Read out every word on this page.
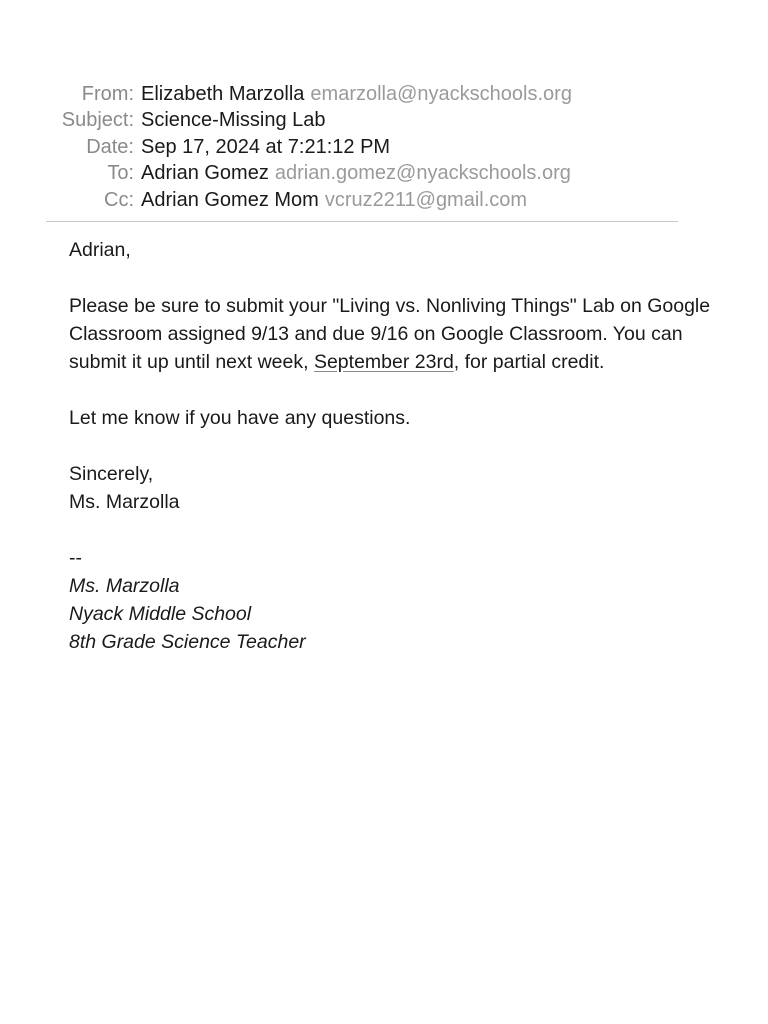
From: Elizabeth Marzolla emarzolla@nyackschools.org
Subject: Science-Missing Lab
Date: Sep 17, 2024 at 7:21:12 PM
To: Adrian Gomez adrian.gomez@nyackschools.org
Cc: Adrian Gomez Mom vcruz2211@gmail.com

Adrian,

Please be sure to submit your "Living vs. Nonliving Things" Lab on Google Classroom assigned 9/13 and due 9/16 on Google Classroom. You can submit it up until next week, September 23rd, for partial credit.

Let me know if you have any questions.

Sincerely,

Ms. Marzolla

--

Ms. Marzolla

Nyack Middle School

8th Grade Science Teacher
